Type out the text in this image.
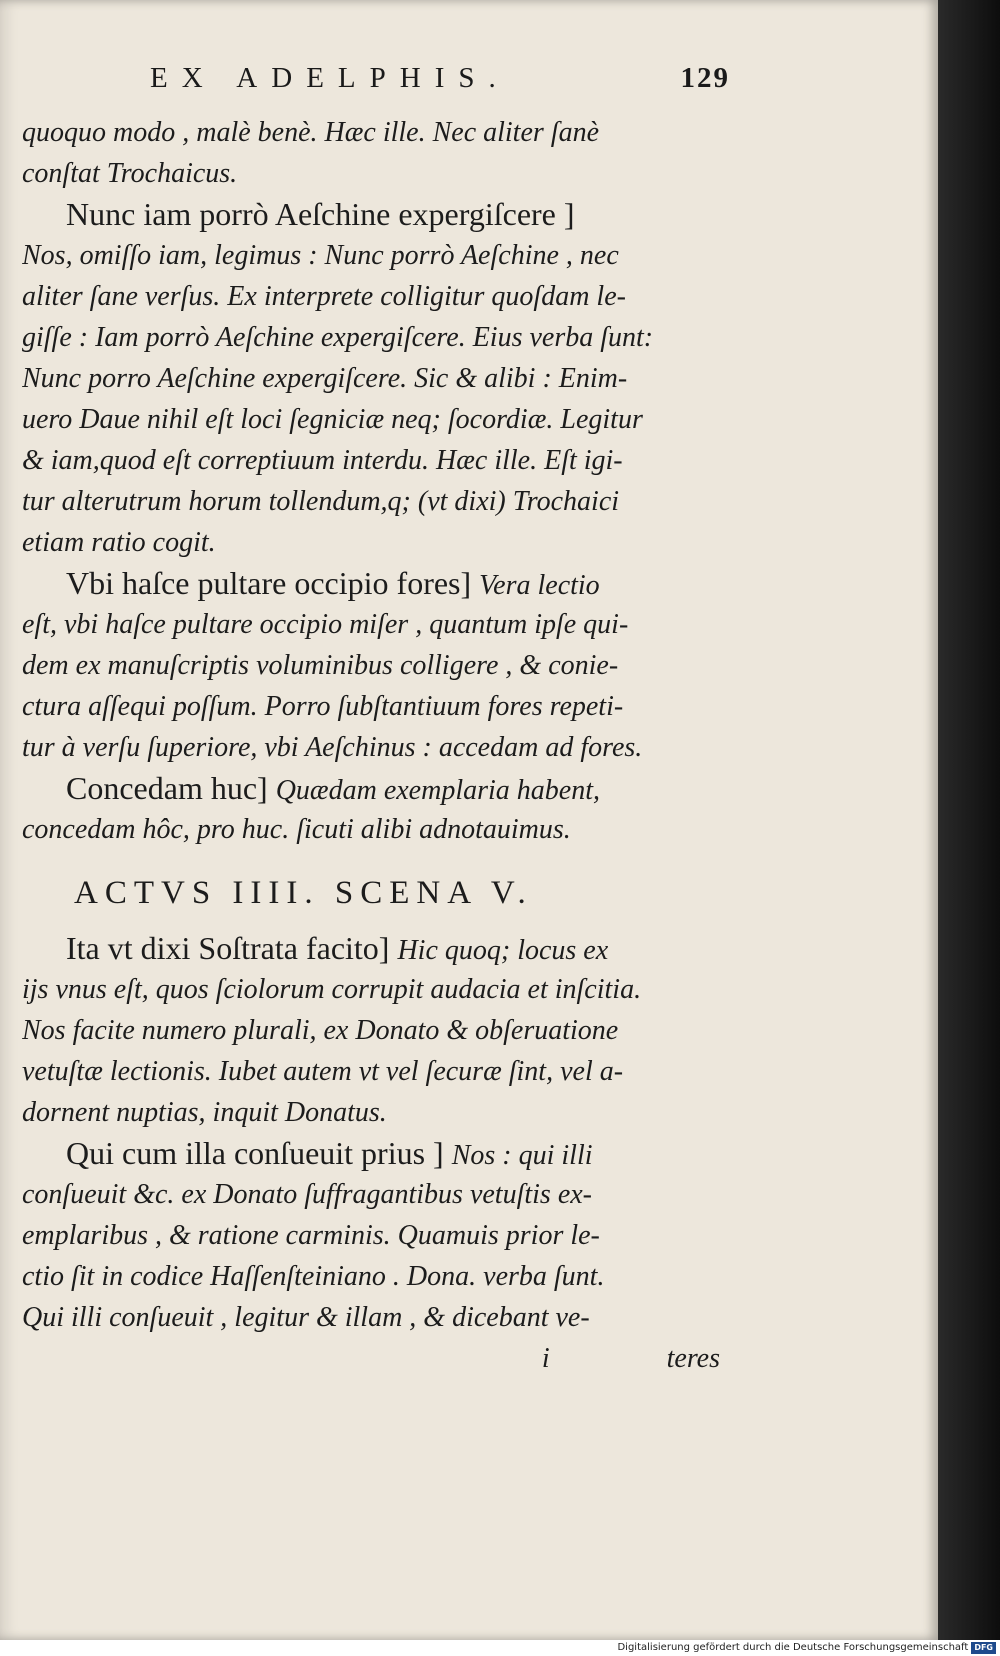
EX ADELPHIS.	129
quoquo modo , malè benè. Hæc ille. Nec aliter ſanè
conſtat Trochaicus.
Nunc iam porrò Aeſchine expergiſcere ]
Nos, omiſſo iam, legimus : Nunc porrò Aeſchine , nec
aliter ſane verſus. Ex interprete colligitur quoſdam le-
giſſe : Iam porrò Aeſchine expergiſcere. Eius verba ſunt:
Nunc porro Aeſchine expergiſcere. Sic & alibi : Enim-
uero Daue nihil eſt loci ſegniciæ neq; ſocordiæ. Legitur
& iam,quod eſt correptiuum interdu. Hæc ille. Eſt igi-
tur alterutrum horum tollendum,q; (vt dixi) Trochaici
etiam ratio cogit.
Vbi haſce pultare occipio fores] Vera lectio
eſt, vbi haſce pultare occipio miſer , quantum ipſe qui-
dem ex manuſcriptis voluminibus colligere , & conie-
ctura aſſequi poſſum. Porro ſubſtantiuum fores repeti-
tur à verſu ſuperiore, vbi Aeſchinus : accedam ad fores.
Concedam huc] Quædam exemplaria habent,
concedam hôc, pro huc. ſicuti alibi adnotauimus.
ACTVS IIII. SCENA V.
Ita vt dixi Soſtrata facito] Hic quoq; locus ex
ijs vnus eſt, quos ſciolorum corrupit audacia et inſcitia.
Nos facite numero plurali, ex Donato & obſeruatione
vetuſtæ lectionis. Iubet autem vt vel ſecuræ ſint, vel a-
dornent nuptias, inquit Donatus.
Qui cum illa conſueuit prius ] Nos : qui illi
conſueuit &c. ex Donato ſuffragantibus vetuſtis ex-
emplaribus , & ratione carminis. Quamuis prior le-
ctio ſit in codice Haſſenſteiniano . Dona. verba ſunt.
Qui illi conſueuit , legitur & illam , & dicebant ve-
i	teres
Digitalisierung gefördert durch die Deutsche Forschungsgemeinschaft DFG
